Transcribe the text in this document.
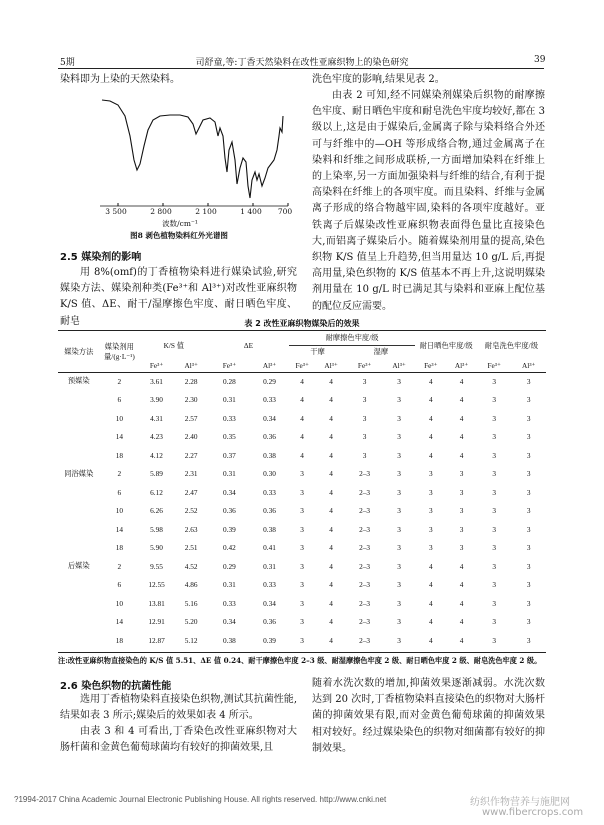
5期	司舒童,等:丁香天然染料在改性亚麻织物上的染色研究	39
染料即为上染的天然染料。
3 500	2 800	2 100	1 400	700
波数/cm⁻¹
图8 剥色植物染料红外光谱图
2.5 媒染剂的影响
用 8%(omf)的丁香植物染料进行媒染试验,研究媒染方法、媒染剂种类(Fe³⁺和 Al³⁺)对改性亚麻织物 K/S 值、ΔE、耐干/湿摩擦色牢度、耐日晒色牢度、耐皂
洗色牢度的影响,结果见表 2。
由表 2 可知,经不同媒染剂媒染后织物的耐摩擦色牢度、耐日晒色牢度和耐皂洗色牢度均较好,都在 3 级以上,这是由于媒染后,金属离子除与染料络合外还可与纤维中的—OH 等形成络合物,通过金属离子在染料和纤维之间形成联桥,一方面增加染料在纤维上的上染率,另一方面加强染料与纤维的结合,有利于提高染料在纤维上的各项牢度。而且染料、纤维与金属离子形成的络合物越牢固,染料的各项牢度越好。亚铁离子后媒染改性亚麻织物表面得色量比直接染色大,而铝离子媒染后小。随着媒染剂用量的提高,染色织物 K/S 值呈上升趋势,但当用量达 10 g/L 后,再提高用量,染色织物的 K/S 值基本不再上升,这说明媒染剂用量在 10 g/L 时已满足其与染料和亚麻上配位基的配位反应需要。
表 2 改性亚麻织物媒染后的效果
媒染方法	媒染剂用量/(g·L⁻¹)	K/S 值		ΔE		耐摩擦色牢度/级				耐日晒色牢度/级		耐皂洗色牢度/级	
						干摩		湿摩					
		Fe³⁺	Al³⁺	Fe³⁺	Al³⁺	Fe³⁺	Al³⁺	Fe³⁺	Al³⁺	Fe³⁺	Al³⁺	Fe³⁺	Al³⁺
预媒染	2	3.61	2.28	0.28	0.29	4	4	3	3	4	4	3	3
	6	3.90	2.30	0.31	0.33	4	4	3	3	4	4	3	3
	10	4.31	2.57	0.33	0.34	4	4	3	3	4	4	3	3
	14	4.23	2.40	0.35	0.36	4	4	3	3	4	4	3	3
	18	4.12	2.27	0.37	0.38	4	4	3	3	4	4	3	3
同浴媒染	2	5.89	2.31	0.31	0.30	3	4	2–3	3	3	3	3	3
	6	6.12	2.47	0.34	0.33	3	4	2–3	3	3	3	3	3
	10	6.26	2.52	0.36	0.36	3	4	2–3	3	3	3	3	3
	14	5.98	2.63	0.39	0.38	3	4	2–3	3	3	3	3	3
	18	5.90	2.51	0.42	0.41	3	4	2–3	3	3	3	3	3
后媒染	2	9.55	4.52	0.29	0.31	3	4	2–3	3	4	4	3	3
	6	12.55	4.86	0.31	0.33	3	4	2–3	3	4	4	3	3
	10	13.81	5.16	0.33	0.34	3	4	2–3	3	4	4	3	3
	14	12.91	5.20	0.34	0.36	3	4	2–3	3	4	4	3	3
	18	12.87	5.12	0.38	0.39	3	4	2–3	3	4	4	3	3
注:改性亚麻织物直接染色的 K/S 值 5.51、ΔE 值 0.24、耐干摩擦色牢度 2–3 级、耐湿摩擦色牢度 2 级、耐日晒色牢度 2 级、耐皂洗色牢度 2 级。
2.6 染色织物的抗菌性能
选用丁香植物染料直接染色织物,测试其抗菌性能,结果如表 3 所示;媒染后的效果如表 4 所示。
由表 3 和 4 可看出,丁香染色改性亚麻织物对大肠杆菌和金黄色葡萄球菌均有较好的抑菌效果,且
随着水洗次数的增加,抑菌效果逐渐减弱。水洗次数达到 20 次时,丁香植物染料直接染色的织物对大肠杆菌的抑菌效果有限,而对金黄色葡萄球菌的抑菌效果相对较好。经过媒染染色的织物对细菌都有较好的抑制效果。
?1994-2017 China Academic Journal Electronic Publishing House. All rights reserved. http://www.cnki.net	纺织作物营养与施肥网
www.fibercrops.com
